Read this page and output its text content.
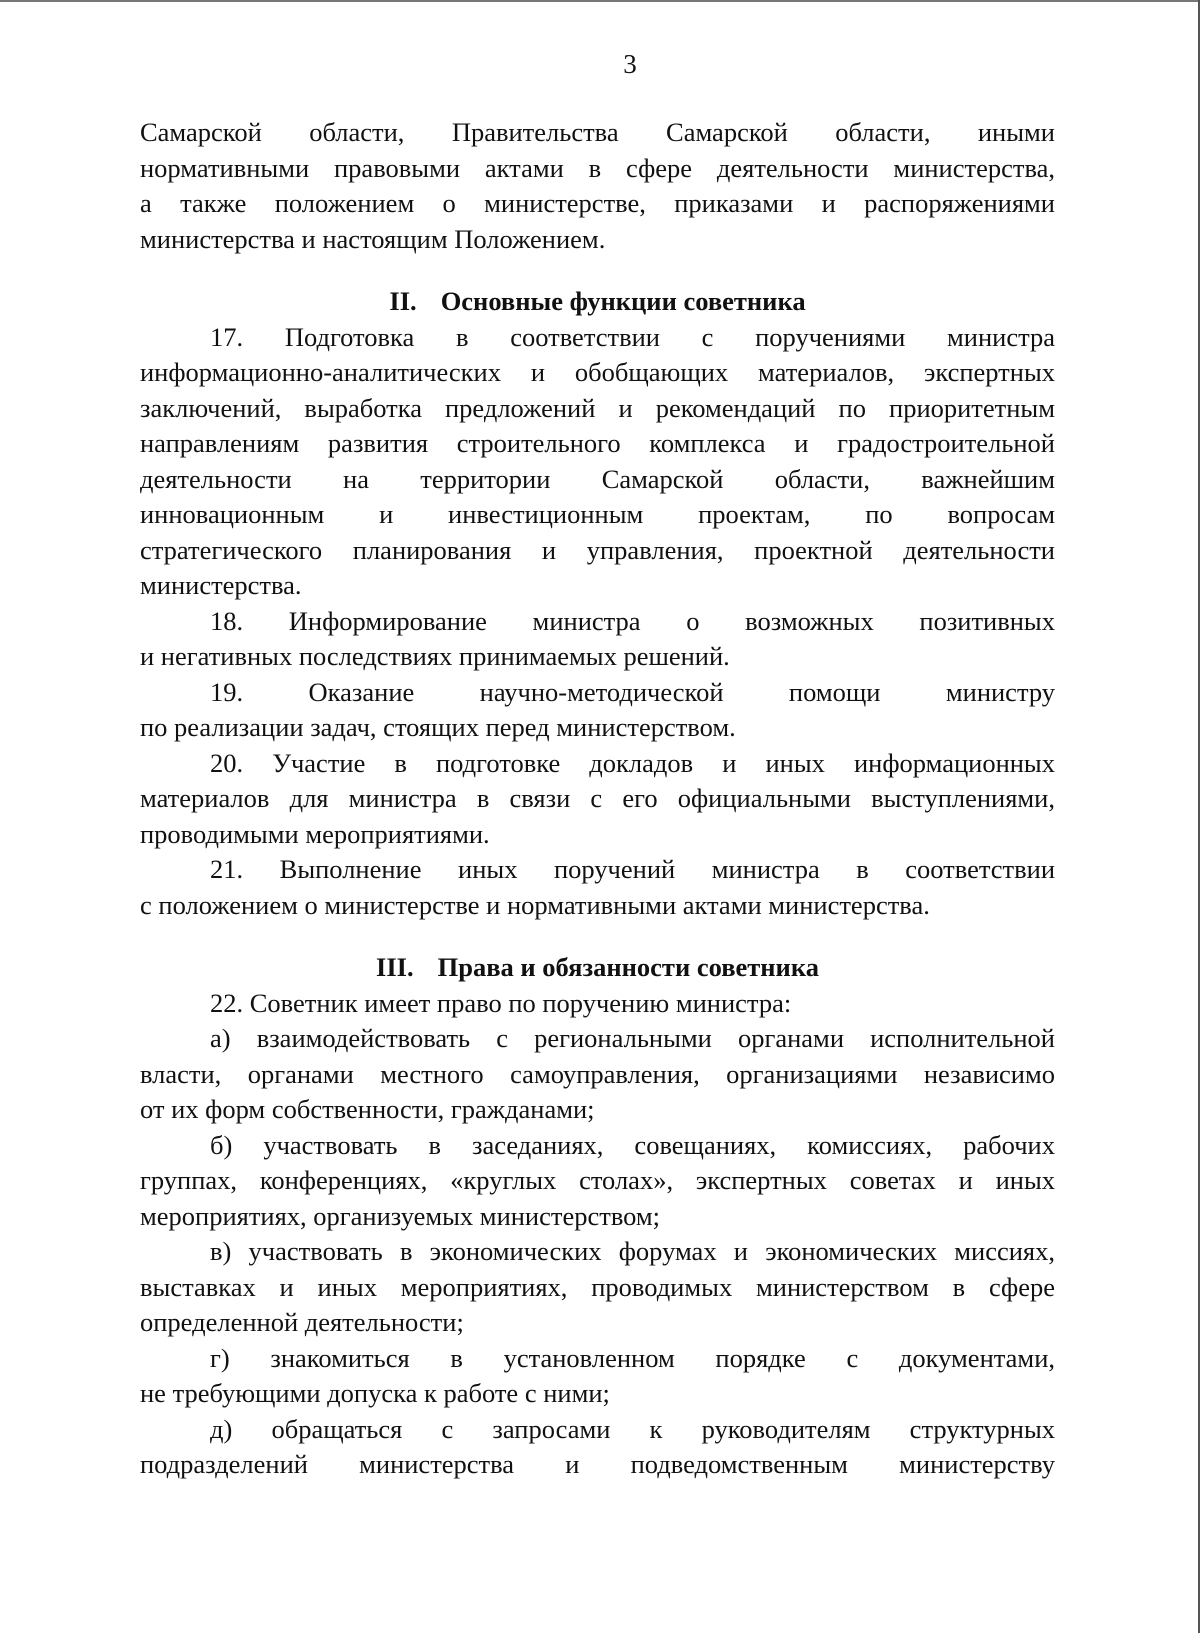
3
Самарской области, Правительства Самарской области, иными
нормативными правовыми актами в сфере деятельности министерства,
а также положением о министерстве, приказами и распоряжениями
министерства и настоящим Положением.
II. Основные функции советника
17. Подготовка в соответствии с поручениями министра
информационно-аналитических и обобщающих материалов, экспертных
заключений, выработка предложений и рекомендаций по приоритетным
направлениям развития строительного комплекса и градостроительной
деятельности на территории Самарской области, важнейшим
инновационным и инвестиционным проектам, по вопросам
стратегического планирования и управления, проектной деятельности
министерства.
18. Информирование министра о возможных позитивных
и негативных последствиях принимаемых решений.
19. Оказание научно-методической помощи министру
по реализации задач, стоящих перед министерством.
20. Участие в подготовке докладов и иных информационных
материалов для министра в связи с его официальными выступлениями,
проводимыми мероприятиями.
21. Выполнение иных поручений министра в соответствии
с положением о министерстве и нормативными актами министерства.
III. Права и обязанности советника
22. Советник имеет право по поручению министра:
а) взаимодействовать с региональными органами исполнительной
власти, органами местного самоуправления, организациями независимо
от их форм собственности, гражданами;
б) участвовать в заседаниях, совещаниях, комиссиях, рабочих
группах, конференциях, «круглых столах», экспертных советах и иных
мероприятиях, организуемых министерством;
в) участвовать в экономических форумах и экономических миссиях,
выставках и иных мероприятиях, проводимых министерством в сфере
определенной деятельности;
г) знакомиться в установленном порядке с документами,
не требующими допуска к работе с ними;
д) обращаться с запросами к руководителям структурных
подразделений министерства и подведомственным министерству
